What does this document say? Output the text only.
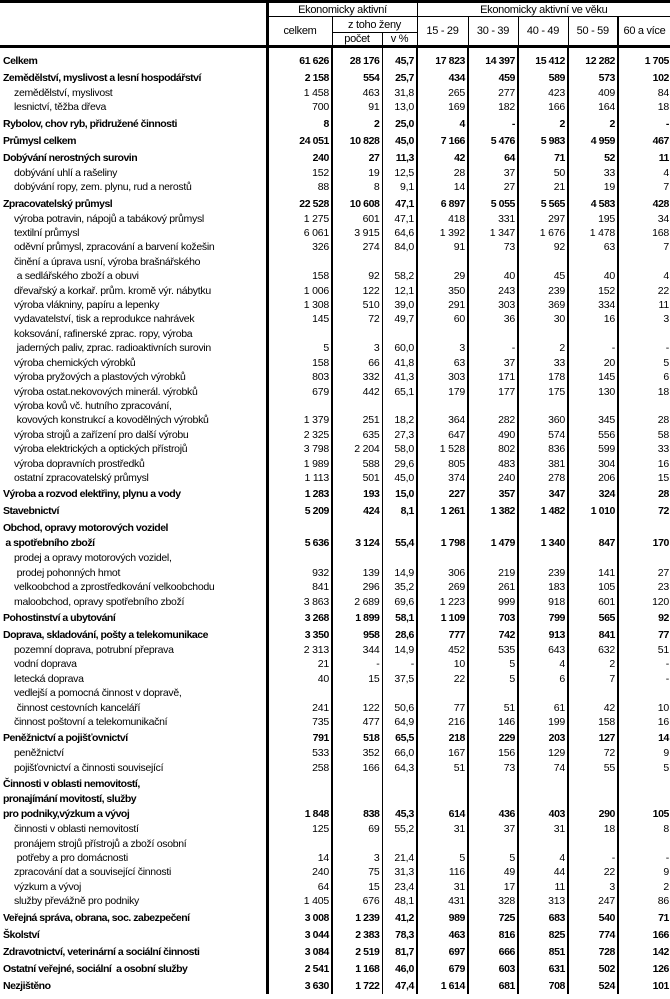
	Ekonomicky aktivní			Ekonomicky aktivní ve věku				
	celkem	z toho ženy		15 - 29	30 - 39	40 - 49	50 - 59	60 a více
		počet	v %					

Celkem	61 626	28 176	45,7	17 823	14 397	15 412	12 282	1 705

Zemědělství, myslivost a lesní hospodářství	2 158	554	25,7	434	459	589	573	102

zemědělství, myslivost	1 458	463	31,8	265	277	423	409	84

lesnictví, těžba dřeva	700	91	13,0	169	182	166	164	18

Rybolov, chov ryb, přidružené činnosti	8	2	25,0	4	-	2	2	-

Průmysl celkem	24 051	10 828	45,0	7 166	5 476	5 983	4 959	467

Dobývání nerostných surovin	240	27	11,3	42	64	71	52	11

dobývání uhlí a rašeliny	152	19	12,5	28	37	50	33	4

dobývání ropy, zem. plynu, rud a nerostů	88	8	9,1	14	27	21	19	7

Zpracovatelský průmysl	22 528	10 608	47,1	6 897	5 055	5 565	4 583	428

výroba potravin, nápojů a tabákový průmysl	1 275	601	47,1	418	331	297	195	34

textilní průmysl	6 061	3 915	64,6	1 392	1 347	1 676	1 478	168

oděvní průmysl, zpracování a barvení kožešin	326	274	84,0	91	73	92	63	7

činění a úprava usní, výroba brašnářského
a sedlářského zboží a obuvi	158	92	58,2	29	40	45	40	4

dřevařský a korkař. prům. kromě výr. nábytku	1 006	122	12,1	350	243	239	152	22

výroba vlákniny, papíru a lepenky	1 308	510	39,0	291	303	369	334	11

vydavatelství, tisk a reprodukce nahrávek	145	72	49,7	60	36	30	16	3

koksování, rafinerské zprac. ropy, výroba
jaderných paliv, zprac. radioaktivních surovin	5	3	60,0	3	-	2	-	-

výroba chemických výrobků	158	66	41,8	63	37	33	20	5

výroba pryžových a plastových výrobků	803	332	41,3	303	171	178	145	6

výroba ostat.nekovových minerál. výrobků	679	442	65,1	179	177	175	130	18

výroba kovů vč. hutního zpracování,
kovových konstrukcí a kovodělných výrobků	1 379	251	18,2	364	282	360	345	28

výroba strojů a zařízení pro další výrobu	2 325	635	27,3	647	490	574	556	58

výroba elektrických a optických přístrojů	3 798	2 204	58,0	1 528	802	836	599	33

výroba dopravních prostředků	1 989	588	29,6	805	483	381	304	16

ostatní zpracovatelský průmysl	1 113	501	45,0	374	240	278	206	15

Výroba a rozvod elektřiny, plynu a vody	1 283	193	15,0	227	357	347	324	28

Stavebnictví	5 209	424	8,1	1 261	1 382	1 482	1 010	72

Obchod, opravy motorových vozidel
a spotřebního zboží	5 636	3 124	55,4	1 798	1 479	1 340	847	170

prodej a opravy motorových vozidel,
prodej pohonných hmot	932	139	14,9	306	219	239	141	27

velkoobchod a zprostředkování velkoobchodu	841	296	35,2	269	261	183	105	23

maloobchod, opravy spotřebního zboží	3 863	2 689	69,6	1 223	999	918	601	120

Pohostinství a ubytování	3 268	1 899	58,1	1 109	703	799	565	92

Doprava, skladování, pošty a telekomunikace	3 350	958	28,6	777	742	913	841	77

pozemní doprava, potrubní přeprava	2 313	344	14,9	452	535	643	632	51

vodní doprava	21	-	-	10	5	4	2	-

letecká doprava	40	15	37,5	22	5	6	7	-

vedlejší a pomocná činnost v dopravě,
činnost cestovních kanceláří	241	122	50,6	77	51	61	42	10

činnost poštovní a telekomunikační	735	477	64,9	216	146	199	158	16

Peněžnictví a pojišťovnictví	791	518	65,5	218	229	203	127	14

peněžnictví	533	352	66,0	167	156	129	72	9

pojišťovnictví a činnosti související	258	166	64,3	51	73	74	55	5

Činnosti v oblasti nemovitostí,
pronajímání movitostí, služby
pro podniky,výzkum a vývoj	1 848	838	45,3	614	436	403	290	105

činnosti v oblasti nemovitostí	125	69	55,2	31	37	31	18	8

pronájem strojů přístrojů a zboží osobní
potřeby a pro domácnosti	14	3	21,4	5	5	4	-	-

zpracování dat a související činnosti	240	75	31,3	116	49	44	22	9

výzkum a vývoj	64	15	23,4	31	17	11	3	2

služby převážně pro podniky	1 405	676	48,1	431	328	313	247	86

Veřejná správa, obrana, soc. zabezpečení	3 008	1 239	41,2	989	725	683	540	71

Školství	3 044	2 383	78,3	463	816	825	774	166

Zdravotnictví, veterinární a sociální činnosti	3 084	2 519	81,7	697	666	851	728	142

Ostatní veřejné, sociální  a osobní služby	2 541	1 168	46,0	679	603	631	502	126

Nezjištěno	3 630	1 722	47,4	1 614	681	708	524	101
